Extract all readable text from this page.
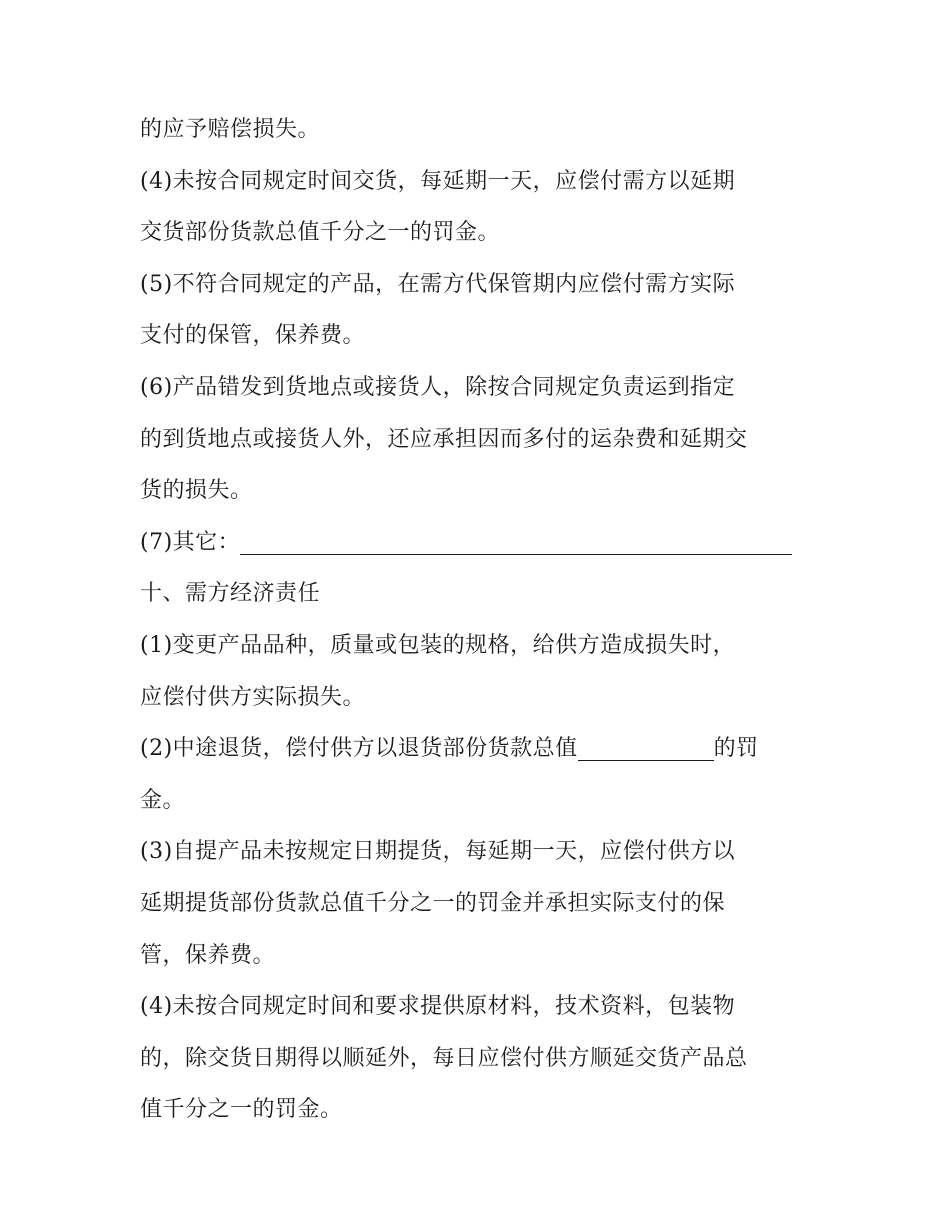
的应予赔偿损失。
(4)未按合同规定时间交货，每延期一天，应偿付需方以延期
交货部份货款总值千分之一的罚金。
(5)不符合同规定的产品，在需方代保管期内应偿付需方实际
支付的保管，保养费。
(6)产品错发到货地点或接货人，除按合同规定负责运到指定
的到货地点或接货人外，还应承担因而多付的运杂费和延期交
货的损失。
(7)其它：
十、需方经济责任
(1)变更产品品种，质量或包装的规格，给供方造成损失时，
应偿付供方实际损失。
(2)中途退货，偿付供方以退货部份货款总值	的罚
金。
(3)自提产品未按规定日期提货，每延期一天，应偿付供方以
延期提货部份货款总值千分之一的罚金并承担实际支付的保
管，保养费。
(4)未按合同规定时间和要求提供原材料，技术资料，包装物
的，除交货日期得以顺延外，每日应偿付供方顺延交货产品总
值千分之一的罚金。
